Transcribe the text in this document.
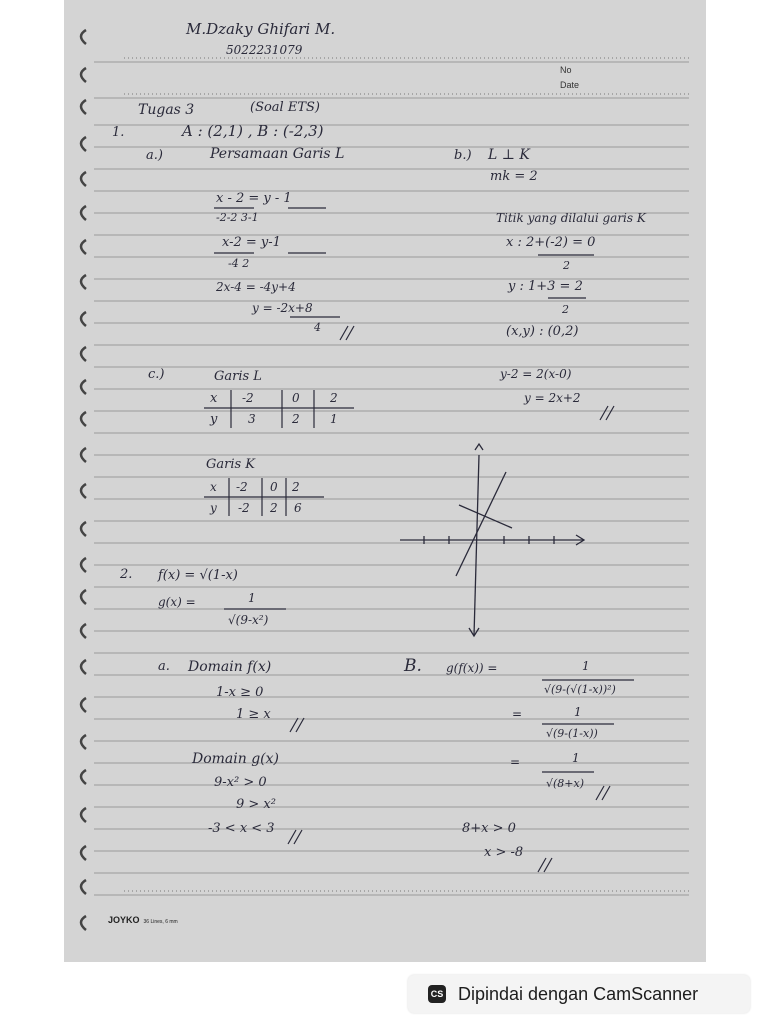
M.Dzaky Ghifari M.
5022231079
No
Date
Tugas 3	(Soal ETS)
1.	A : (2,1) , B : (-2,3)
a.)	Persamaan Garis L
x - 2 = y - 1
-2-2 3-1
x-2 = y-1
-4 2
2x-4 = -4y+4
y = -2x+8
4
b.) L ⊥ K
mk = 2
Titik yang dilalui garis K
x : 2+(-2) = 0
2
y : 1+3 = 2
2
(x,y) : (0,2)
y-2 = 2(x-0)
y = 2x+2
c.)	Garis L
x -2	0	2
y	3	2	1
Garis K
x -2 0 2
y -2 2 6
2. f(x) = √(1-x)
g(x) =	1
√(9-x²)
a. Domain f(x)
1-x ≥ 0
1 ≥ x
Domain g(x)
9-x² > 0
9 > x²
-3 < x < 3
B. g(f(x)) =	1
√(9-(√(1-x))²)
=	1
√(9-(1-x))
=	1
√(8+x)
8+x > 0
x > -8
JOYKO 36 Lines, 6 mm
CS Dipindai dengan CamScanner
